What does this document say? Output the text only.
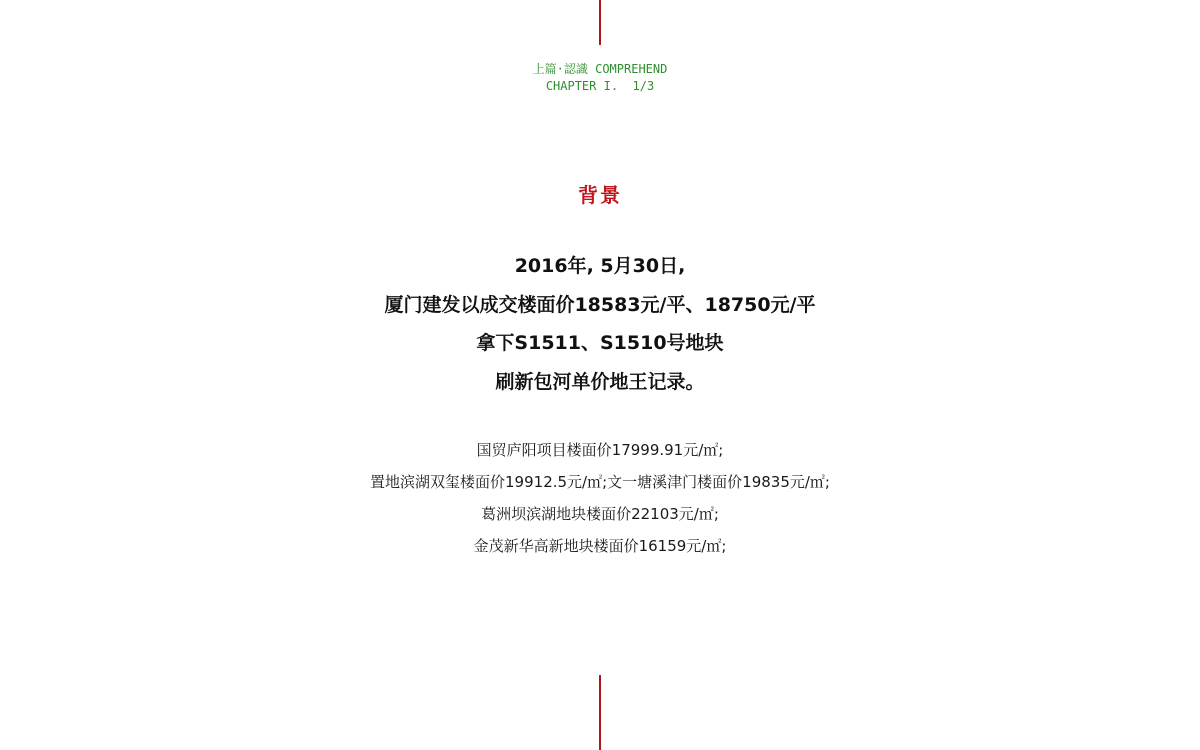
上篇·認識 COMPREHEND
CHAPTER I.  1/3
背景
2016年, 5月30日,
厦门建发以成交楼面价18583元/平、18750元/平
拿下S1511、S1510号地块
刷新包河单价地王记录。
国贸庐阳项目楼面价17999.91元/㎡;
置地滨湖双玺楼面价19912.5元/㎡;文一塘溪津门楼面价19835元/㎡;
葛洲坝滨湖地块楼面价22103元/㎡;
金茂新华高新地块楼面价16159元/㎡;
